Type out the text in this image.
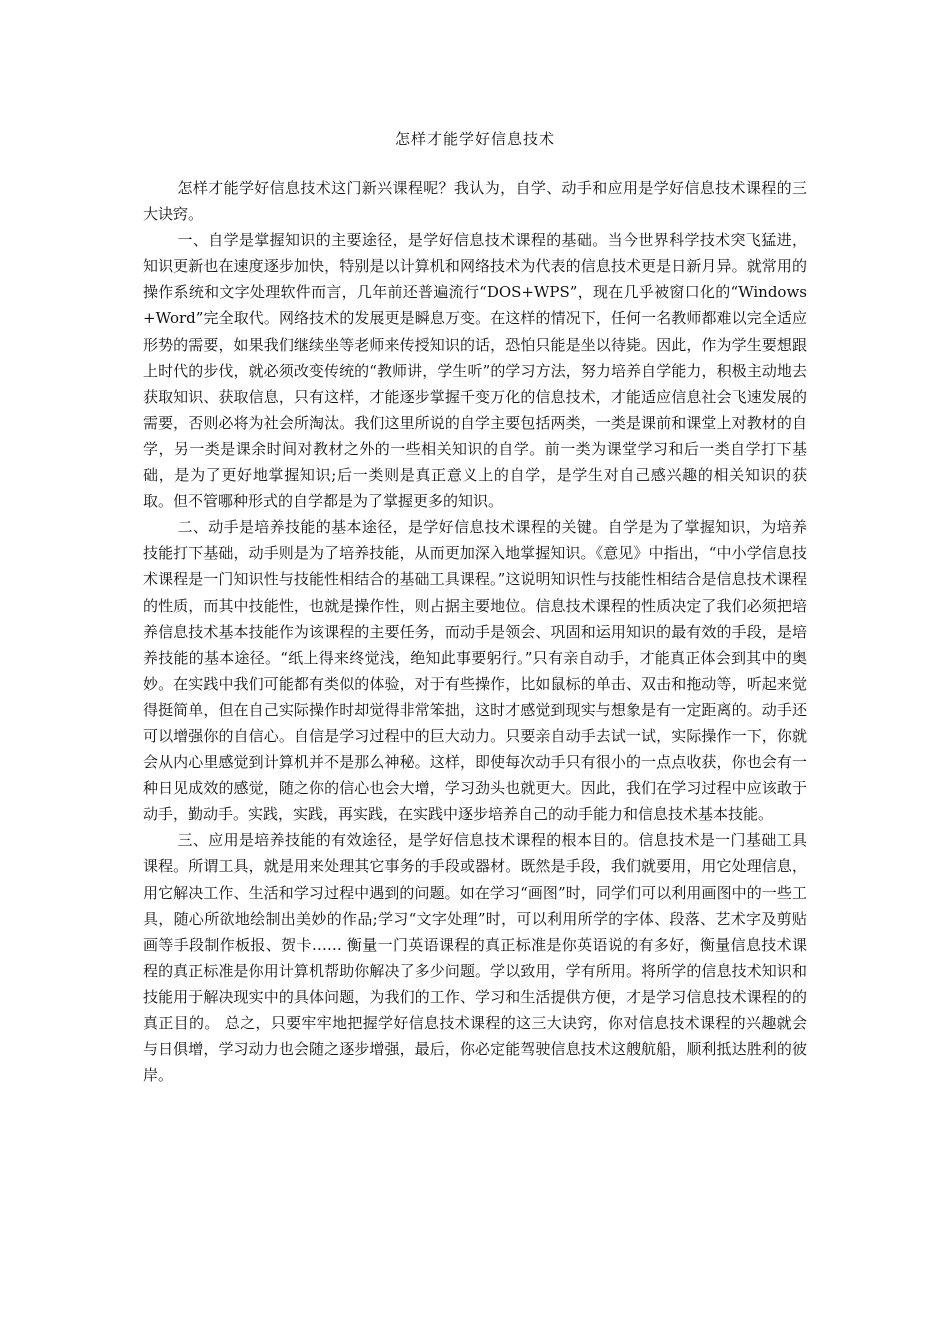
怎样才能学好信息技术

怎样才能学好信息技术这门新兴课程呢？我认为，自学、动手和应用是学好信息技术课程的三大诀窍。

一、自学是掌握知识的主要途径，是学好信息技术课程的基础。当今世界科学技术突飞猛进，知识更新也在速度逐步加快，特别是以计算机和网络技术为代表的信息技术更是日新月异。就常用的操作系统和文字处理软件而言，几年前还普遍流行“DOS+WPS”，现在几乎被窗口化的“Windows+Word”完全取代。网络技术的发展更是瞬息万变。在这样的情况下，任何一名教师都难以完全适应形势的需要，如果我们继续坐等老师来传授知识的话，恐怕只能是坐以待毙。因此，作为学生要想跟上时代的步伐，就必须改变传统的“教师讲，学生听”的学习方法，努力培养自学能力，积极主动地去获取知识、获取信息，只有这样，才能逐步掌握千变万化的信息技术，才能适应信息社会飞速发展的需要，否则必将为社会所淘汰。我们这里所说的自学主要包括两类，一类是课前和课堂上对教材的自学，另一类是课余时间对教材之外的一些相关知识的自学。前一类为课堂学习和后一类自学打下基础，是为了更好地掌握知识;后一类则是真正意义上的自学，是学生对自己感兴趣的相关知识的获取。但不管哪种形式的自学都是为了掌握更多的知识。

二、动手是培养技能的基本途径，是学好信息技术课程的关键。自学是为了掌握知识，为培养技能打下基础，动手则是为了培养技能，从而更加深入地掌握知识。《意见》中指出，“中小学信息技术课程是一门知识性与技能性相结合的基础工具课程。”这说明知识性与技能性相结合是信息技术课程的性质，而其中技能性，也就是操作性，则占据主要地位。信息技术课程的性质决定了我们必须把培养信息技术基本技能作为该课程的主要任务，而动手是领会、巩固和运用知识的最有效的手段，是培养技能的基本途径。“纸上得来终觉浅，绝知此事要躬行。”只有亲自动手，才能真正体会到其中的奥妙。在实践中我们可能都有类似的体验，对于有些操作，比如鼠标的单击、双击和拖动等，听起来觉得挺简单，但在自己实际操作时却觉得非常笨拙，这时才感觉到现实与想象是有一定距离的。动手还可以增强你的自信心。自信是学习过程中的巨大动力。只要亲自动手去试一试，实际操作一下，你就会从内心里感觉到计算机并不是那么神秘。这样，即使每次动手只有很小的一点点收获，你也会有一种日见成效的感觉，随之你的信心也会大增，学习劲头也就更大。因此，我们在学习过程中应该敢于动手，勤动手。实践，实践，再实践，在实践中逐步培养自己的动手能力和信息技术基本技能。

三、应用是培养技能的有效途径，是学好信息技术课程的根本目的。信息技术是一门基础工具课程。所谓工具，就是用来处理其它事务的手段或器材。既然是手段，我们就要用，用它处理信息，用它解决工作、生活和学习过程中遇到的问题。如在学习“画图”时，同学们可以利用画图中的一些工具，随心所欲地绘制出美妙的作品;学习“文字处理”时，可以利用所学的字体、段落、艺术字及剪贴画等手段制作板报、贺卡…… 衡量一门英语课程的真正标准是你英语说的有多好，衡量信息技术课程的真正标准是你用计算机帮助你解决了多少问题。学以致用，学有所用。将所学的信息技术知识和技能用于解决现实中的具体问题，为我们的工作、学习和生活提供方便，才是学习信息技术课程的的真正目的。 总之，只要牢牢地把握学好信息技术课程的这三大诀窍，你对信息技术课程的兴趣就会与日俱增，学习动力也会随之逐步增强，最后，你必定能驾驶信息技术这艘航船，顺利抵达胜利的彼岸。
